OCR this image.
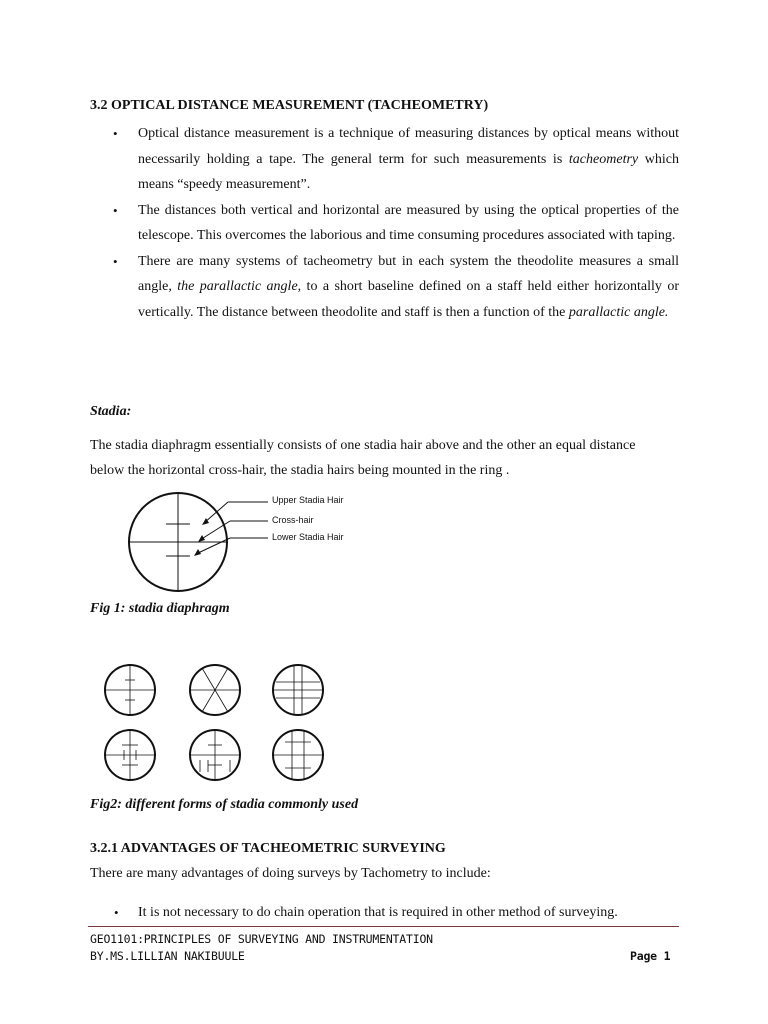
3.2 OPTICAL DISTANCE MEASUREMENT (TACHEOMETRY)
• Optical distance measurement is a technique of measuring distances by optical means without necessarily holding a tape. The general term for such measurements is tacheometry which means “speedy measurement”.
• The distances both vertical and horizontal are measured by using the optical properties of the telescope. This overcomes the laborious and time consuming procedures associated with taping.
• There are many systems of tacheometry but in each system the theodolite measures a small angle, the parallactic angle, to a short baseline defined on a staff held either horizontally or vertically. The distance between theodolite and staff is then a function of the parallactic angle.
Stadia:
The stadia diaphragm essentially consists of one stadia hair above and the other an equal distance below the horizontal cross-hair, the stadia hairs being mounted in the ring .
Upper Stadia Hair
Cross-hair
Lower Stadia Hair
Fig 1: stadia diaphragm
Fig2: different forms of stadia commonly used
3.2.1 ADVANTAGES OF TACHEOMETRIC SURVEYING
There are many advantages of doing surveys by Tachometry to include:
• It is not necessary to do chain operation that is required in other method of surveying.
GEO1101:PRINCIPLES OF SURVEYING AND INSTRUMENTATION
BY.MS.LILLIAN NAKIBUULE	Page 1
